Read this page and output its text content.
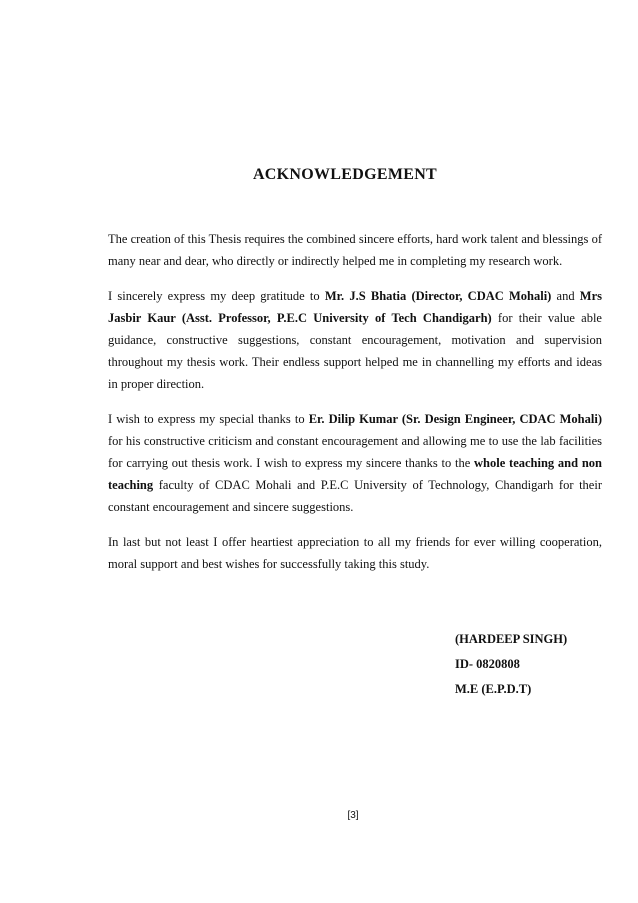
ACKNOWLEDGEMENT

The creation of this Thesis requires the combined sincere efforts, hard work talent and blessings of many near and dear, who directly or indirectly helped me in completing my research work.

I sincerely express my deep gratitude to Mr. J.S Bhatia (Director, CDAC Mohali) and Mrs Jasbir Kaur (Asst. Professor, P.E.C University of Tech Chandigarh) for their value able guidance, constructive suggestions, constant encouragement, motivation and supervision throughout my thesis work. Their endless support helped me in channelling my efforts and ideas in proper direction.

I wish to express my special thanks to Er. Dilip Kumar (Sr. Design Engineer, CDAC Mohali) for his constructive criticism and constant encouragement and allowing me to use the lab facilities for carrying out thesis work. I wish to express my sincere thanks to the whole teaching and non teaching faculty of CDAC Mohali and P.E.C University of Technology, Chandigarh for their constant encouragement and sincere suggestions.

In last but not least I offer heartiest appreciation to all my friends for ever willing cooperation, moral support and best wishes for successfully taking this study.

(HARDEEP SINGH)
ID- 0820808
M.E (E.P.D.T)
[3]
